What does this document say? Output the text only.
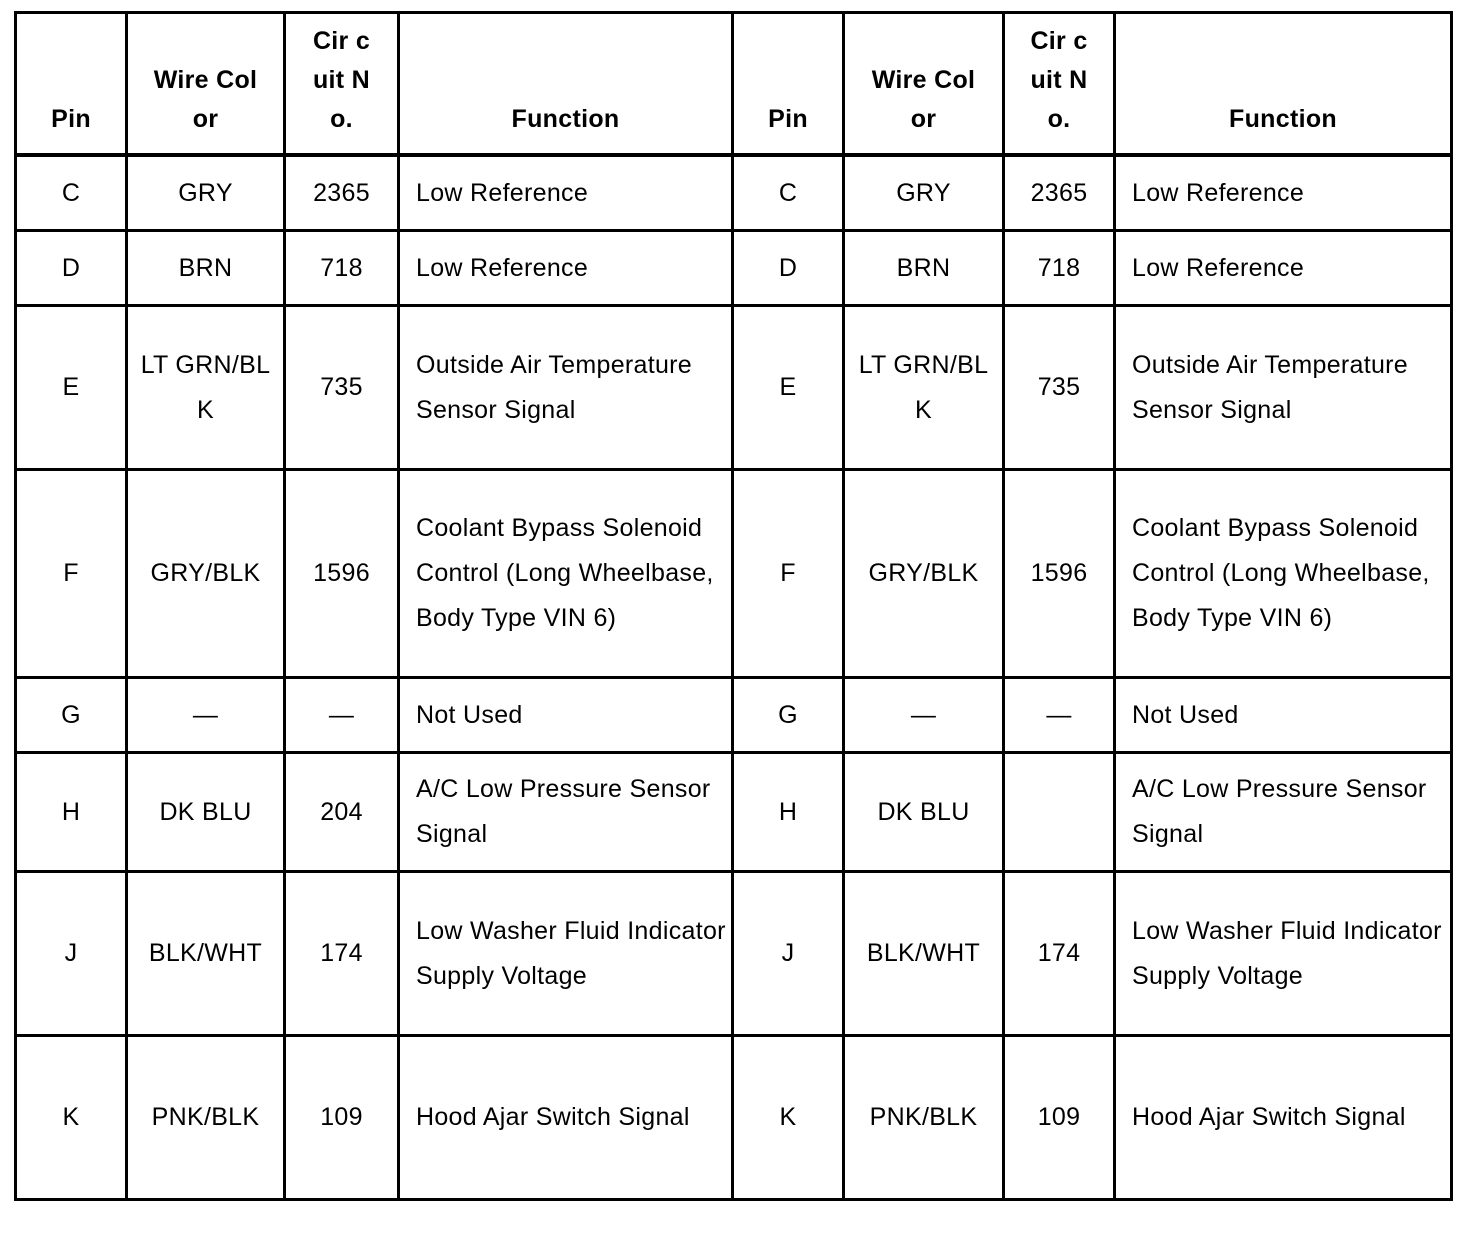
Pin	Wire Color	Cir cuit No.	Function	Pin	Wire Color	Cir cuit No.	Function
C	GRY	2365	Low Reference	C	GRY	2365	Low Reference
D	BRN	718	Low Reference	D	BRN	718	Low Reference
E	LT GRN/BLK	735	Outside Air Temperature Sensor Signal	E	LT GRN/BLK	735	Outside Air Temperature Sensor Signal
F	GRY/BLK	1596	Coolant Bypass Solenoid Control (Long Wheelbase, Body Type VIN 6)	F	GRY/BLK	1596	Coolant Bypass Solenoid Control (Long Wheelbase, Body Type VIN 6)
G	—	—	Not Used	G	—	—	Not Used
H	DK BLU	204	A/C Low Pressure Sensor Signal	H	DK BLU		A/C Low Pressure Sensor Signal
J	BLK/WHT	174	Low Washer Fluid Indicator Supply Voltage	J	BLK/WHT	174	Low Washer Fluid Indicator Supply Voltage
K	PNK/BLK	109	Hood Ajar Switch Signal	K	PNK/BLK	109	Hood Ajar Switch Signal
